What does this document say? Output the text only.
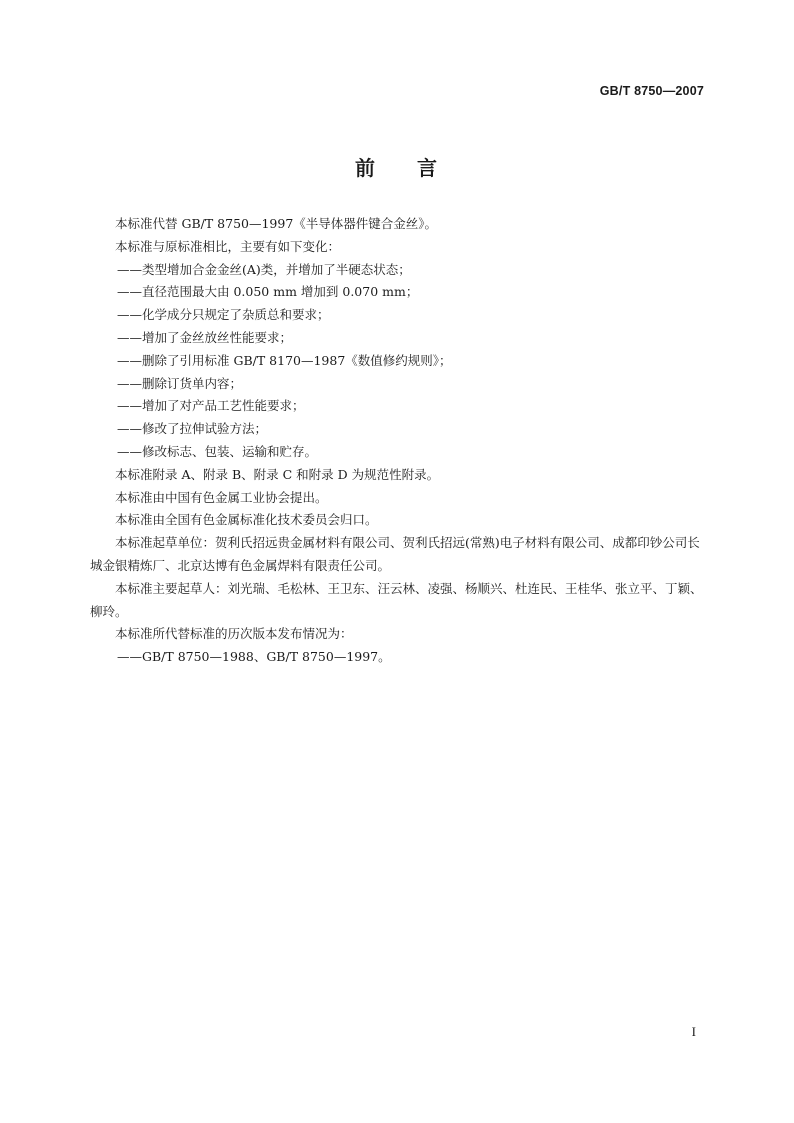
GB/T 8750—2007
前 言

本标准代替 GB/T 8750—1997《半导体器件键合金丝》。

本标准与原标准相比，主要有如下变化：

——类型增加合金金丝(A)类，并增加了半硬态状态；

——直径范围最大由 0.050 mm 增加到 0.070 mm；

——化学成分只规定了杂质总和要求；

——增加了金丝放丝性能要求；

——删除了引用标准 GB/T 8170—1987《数值修约规则》；

——删除订货单内容；

——增加了对产品工艺性能要求；

——修改了拉伸试验方法；

——修改标志、包装、运输和贮存。

本标准附录 A、附录 B、附录 C 和附录 D 为规范性附录。

本标准由中国有色金属工业协会提出。

本标准由全国有色金属标准化技术委员会归口。

本标准起草单位：贺利氏招远贵金属材料有限公司、贺利氏招远(常熟)电子材料有限公司、成都印钞公司长城金银精炼厂、北京达博有色金属焊料有限责任公司。

本标准主要起草人：刘光瑞、毛松林、王卫东、汪云林、凌强、杨顺兴、杜连民、王桂华、张立平、丁颖、柳玲。

本标准所代替标准的历次版本发布情况为：

——GB/T 8750—1988、GB/T 8750—1997。

I
